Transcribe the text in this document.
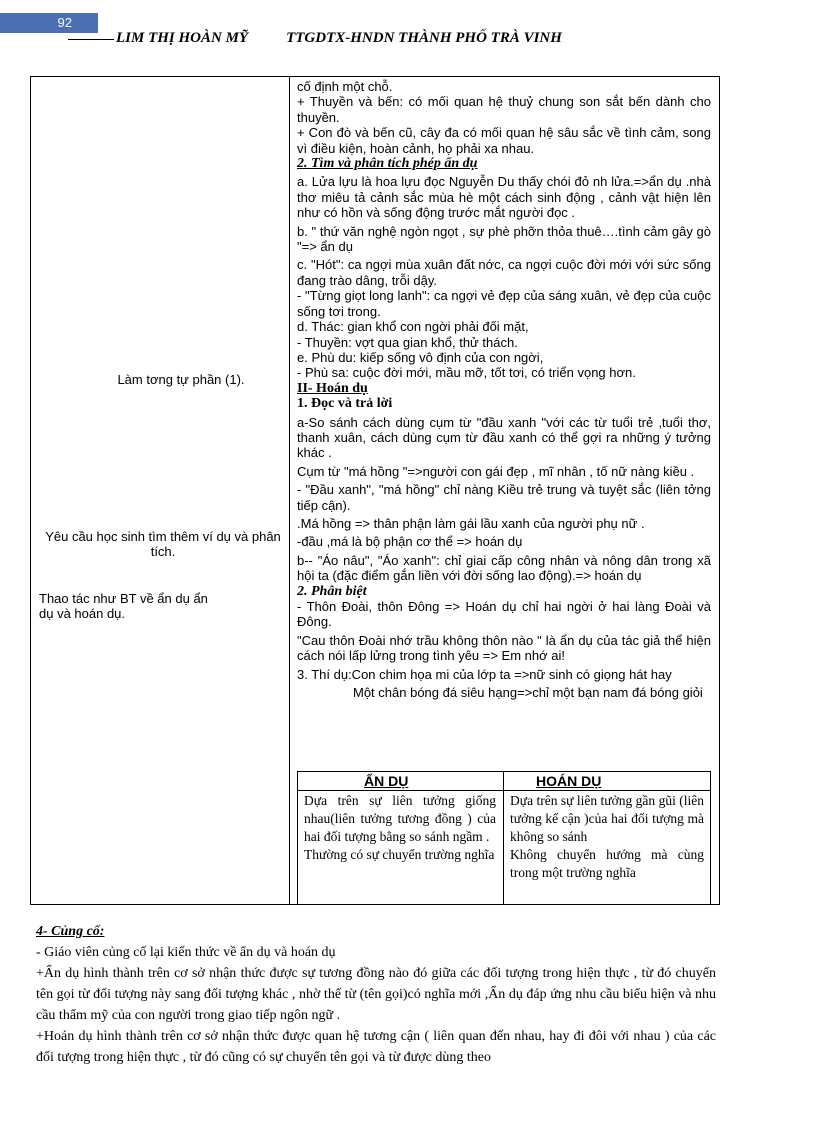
92
LIM THỊ HOÀN MỸ	TTGDTX-HNDN THÀNH PHỐ TRÀ VINH
Làm tơng tự phần (1).
Yêu cầu học sinh tìm thêm ví dụ và phân tích.
Thao tác như BT về ẩn dụ ẩn dụ và hoán dụ.

cố định một chỗ.

+ Thuyền và bến: có mối quan hệ thuỷ chung son sắt bến dành cho thuyền.

+ Con đò và bến cũ, cây đa có mối quan hệ sâu sắc về tình cảm, song vì điều kiện, hoàn cảnh, họ phải xa nhau.

2. Tìm và phân tích phép ẩn dụ

a. Lửa lựu là hoa lựu đọc Nguyễn Du thấy chói đỏ nh lửa.=>ẩn dụ .nhà thơ miêu tả cảnh sắc mùa hè một cách sinh động , cảnh vật hiện lên như có hồn và sống động trước mắt người đọc .

b. " thứ văn nghệ ngòn ngọt , sự phè phỡn thỏa thuê….tình cảm gây gò "=> ẩn dụ

c. "Hót": ca ngợi mùa xuân đất nớc, ca ngợi cuộc đời mới với sức sống đang trào dâng, trỗi dậy.

- "Từng giọt long lanh": ca ngợi vẻ đẹp của sáng xuân, vẻ đẹp của cuộc sống tơi trong.

d. Thác: gian khổ con ngời phải đối mặt,

- Thuyền: vợt qua gian khổ, thử thách.

e. Phù du: kiếp sống vô định của con ngời,

- Phù sa: cuộc đời mới, mầu mỡ, tốt tơi, có triển vọng hơn.

II- Hoán dụ

1. Đọc và trả lời

a-So sánh cách dùng cụm từ "đầu xanh "với các từ tuổi trẻ ,tuổi thơ, thanh xuân, cách dùng cụm từ đầu xanh có thể gợi ra những ý tưởng khác .

Cụm từ "má hồng "=>người con gái đẹp , mĩ nhân , tố nữ nàng kiều .

- "Đầu xanh", "má hồng" chỉ nàng Kiều trẻ trung và tuyệt sắc (liên tởng tiếp cận).

.Má hồng => thân phận làm gái lầu xanh của người phụ nữ .

-đầu ,má là bộ phận cơ thể => hoán dụ

b-- "Áo nâu", "Áo xanh": chỉ giai cấp công nhân và nông dân trong xã hội ta (đặc điểm gắn liền với đời sống lao động).=> hoán dụ

2. Phân biệt

- Thôn Đoài, thôn Đông => Hoán dụ chỉ hai ngời ở hai làng Đoài và Đông.

"Cau thôn Đoài nhớ trầu không thôn nào " là ẩn dụ của tác giả thể hiện cách nói lấp lửng trong tình yêu => Em nhớ ai!

3. Thí dụ:Con chim họa mi của lớp ta =>nữ sinh có giọng hát hay

Một chân bóng đá siêu hạng=>chỉ một bạn nam đá bóng giỏi

ẨN DỤ	HOÁN DỤ
Dựa trên sự liên tưởng giống nhau(liên tưởng tương đồng ) của hai đối tượng bằng so sánh ngầm .
Thường có sự chuyển trường nghĩa
Dựa trên sự liên tưởng gần gũi (liên tưởng kế cận )của hai đối tượng mà không so sánh
Không chuyển hướng mà cùng trong một trường nghĩa

4- Củng cố:

- Giáo viên củng cố lại kiến thức về ẩn dụ và hoán dụ

+Ẩn dụ hình thành trên cơ sở nhận thức được sự tương đồng nào đó giữa các đối tượng trong hiện thực , từ đó chuyển tên gọi từ đối tượng này sang đối tượng khác , nhờ thế từ (tên gọi)có nghĩa mới ,Ẩn dụ đáp ứng nhu cầu biểu hiện và nhu cầu thẩm mỹ của con người trong giao tiếp ngôn ngữ .

+Hoán dụ hình thành trên cơ sở nhận thức được quan hệ tương cận ( liên quan đến nhau, hay đi đôi với nhau ) của các đối tượng trong hiện thực , từ đó cũng có sự chuyển tên gọi và từ được dùng theo
